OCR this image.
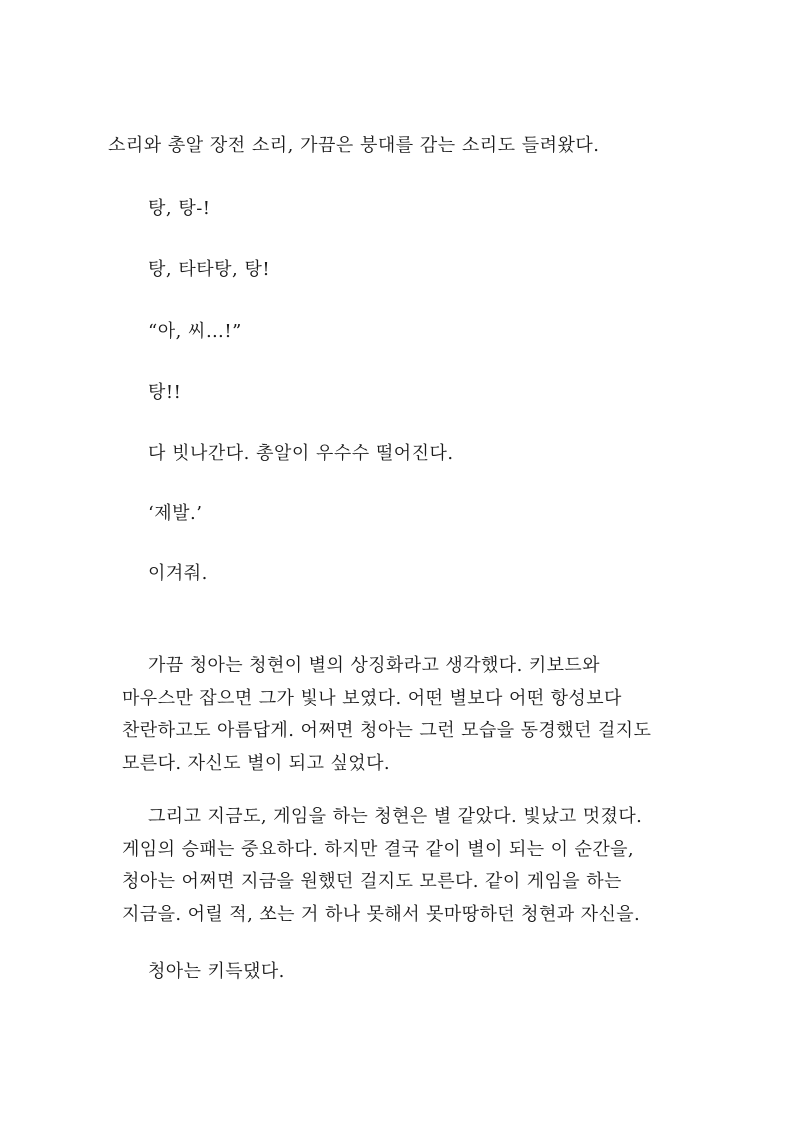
소리와 총알 장전 소리, 가끔은 붕대를 감는 소리도 들려왔다.
탕, 탕-!
탕, 타타탕, 탕!
“아, 씨…!”
탕!!
다 빗나간다. 총알이 우수수 떨어진다.
‘제발.’
이겨줘.
가끔 청아는 청현이 별의 상징화라고 생각했다. 키보드와
마우스만 잡으면 그가 빛나 보였다. 어떤 별보다 어떤 항성보다
찬란하고도 아름답게. 어쩌면 청아는 그런 모습을 동경했던 걸지도
모른다. 자신도 별이 되고 싶었다.
그리고 지금도, 게임을 하는 청현은 별 같았다. 빛났고 멋졌다.
게임의 승패는 중요하다. 하지만 결국 같이 별이 되는 이 순간을,
청아는 어쩌면 지금을 원했던 걸지도 모른다. 같이 게임을 하는
지금을. 어릴 적, 쏘는 거 하나 못해서 못마땅하던 청현과 자신을.
청아는 키득댔다.
